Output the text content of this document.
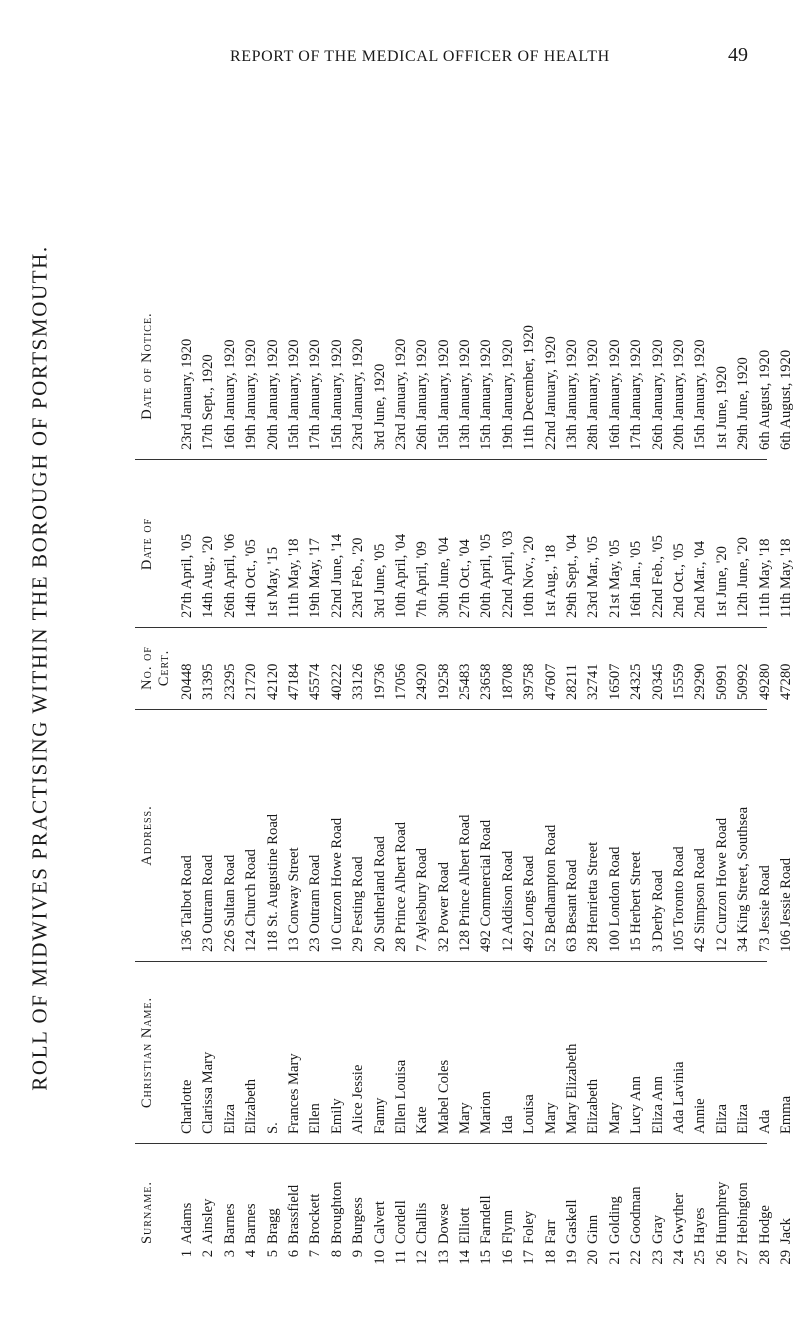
REPORT OF THE MEDICAL OFFICER OF HEALTH	49
ROLL OF MIDWIVES PRACTISING WITHIN THE BOROUGH OF PORTSMOUTH.
Surname.
1
Adams
2
Ainsley
3
Barnes
4
Barnes
5
Bragg
6
Brassfield
7
Brockett
8
Broughton
9
Burgess
10
Calvert
11
Cordell
12
Challis
13
Dowse
14
Elliott
15
Farndell
16
Flynn
17
Foley
18
Farr
19
Gaskell
20
Ginn
21
Golding
22
Goodman
23
Gray
24
Gwyther
25
Hayes
26
Humphrey
27
Hebington
28
Hodge
29
Jack
Christian Name. Charlotte Clarissa Mary Eliza Elizabeth S. Frances Mary Ellen Emily Alice Jessie Fanny Ellen Louisa Kate Mabel Coles Mary Marion Ida Louisa Mary Mary Elizabeth Elizabeth Mary Lucy Ann Eliza Ann Ada Lavinia Annie Eliza Eliza Ada Emma
Address.
136 Talbot Road 23 Outram Road 226 Sultan Road 124 Church Road 118 St. Augustine Road 13 Conway Street 23 Outram Road 10 Curzon Howe Road 29 Festing Road 20 Sutherland Road 28 Prince Albert Road 7 Aylesbury Road 32 Power Road 128 Prince Albert Road 492 Commercial Road 12 Addison Road 492 Longs Road 52 Bedhampton Road 63 Besant Road 28 Henrietta Street 100 London Road 15 Herbert Street 3 Derby Road 105 Toronto Road 42 Simpson Road 12 Curzon Howe Road 34 King Street, Southsea 73 Jessie Road 106 Jessie Road
No. of Cert. 20448 31395 23295 21720 42120 47184 45574 40222 33126 19736 17056 24920 19258 25483 23658 18708 39758 47607 28211 32741 16507 24325 20345 15559 29290 50991 50992 49280 47280
Date of 27th April, '05 14th Aug., '20 26th April, '06 14th Oct., '05 1st May, '15 11th May, '18 19th May, '17 22nd June, '14 23rd Feb., '20 3rd June, '05 10th April, '04 7th April, '09 30th June, '04 27th Oct., '04 20th April, '05 22nd April, '03 10th Nov., '20 1st Aug., '18 29th Sept., '04 23rd Mar., '05 21st May, '05 16th Jan., '05 22nd Feb., '05 2nd Oct., '05 2nd Mar., '04 1st June, '20 12th June, '20 11th May, '18 11th May, '18
Date of Notice. 23rd January, 1920 17th Sept., 1920 16th January, 1920 19th January, 1920 20th January, 1920 15th January, 1920 17th January, 1920 15th January, 1920 23rd January, 1920 3rd June, 1920 23rd January, 1920 26th January, 1920 15th January, 1920 13th January, 1920 15th January, 1920 19th January, 1920 11th December, 1920 22nd January, 1920 13th January, 1920 28th January, 1920 16th January, 1920 17th January, 1920 26th January, 1920 20th January, 1920 15th January, 1920 1st June, 1920 29th June, 1920 6th August, 1920 6th August, 1920
